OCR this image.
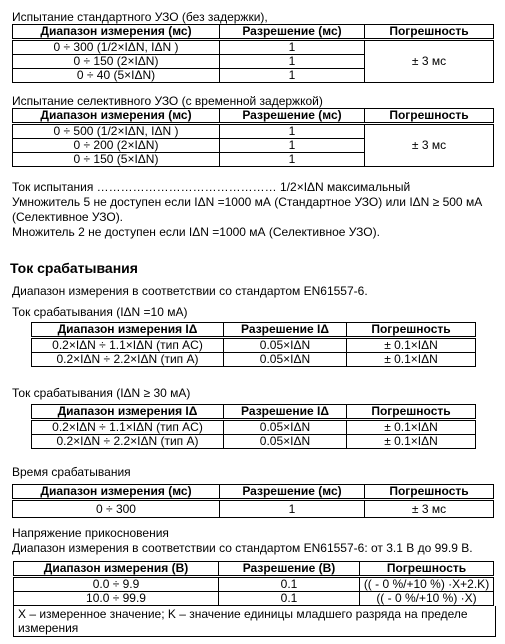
Испытание стандартного УЗО (без задержки),
Диапазон измерения (мс)	Разрешение (мс)	Погрешность
0 ÷ 300 (1/2×IΔN, IΔN )	1	± 3 мс
0 ÷ 150 (2×IΔN)	1	
0 ÷ 40 (5×IΔN)	1	
Испытание селективного УЗО (с временной задержкой)
Диапазон измерения (мс)	Разрешение (мс)	Погрешность
0 ÷ 500 (1/2×IΔN, IΔN )	1	± 3 мс
0 ÷ 200 (2×IΔN)	1	
0 ÷ 150 (5×IΔN)	1	
Ток испытания ……………………………………… 1/2×IΔN максимальный
Умножитель 5 не доступен если IΔN =1000 мА (Стандартное УЗО) или IΔN ≥ 500 мА
(Селективное УЗО).
Множитель 2 не доступен если IΔN =1000 мА (Селективное УЗО).
Ток срабатывания
Диапазон измерения в соответствии со стандартом EN61557-6.
Ток срабатывания (IΔN =10 мА)
Диапазон измерения IΔ	Разрешение IΔ	Погрешность
0.2×IΔN ÷ 1.1×IΔN (тип AC)	0.05×IΔN	± 0.1×IΔN
0.2×IΔN ÷ 2.2×IΔN (тип A)	0.05×IΔN	± 0.1×IΔN
Ток срабатывания (IΔN ≥ 30 мА)
Диапазон измерения IΔ	Разрешение IΔ	Погрешность
0.2×IΔN ÷ 1.1×IΔN (тип AC)	0.05×IΔN	± 0.1×IΔN
0.2×IΔN ÷ 2.2×IΔN (тип A)	0.05×IΔN	± 0.1×IΔN
Время срабатывания
Диапазон измерения (мс)	Разрешение (мс)	Погрешность
0 ÷ 300	1	± 3 мс
Напряжение прикосновения
Диапазон измерения в соответствии со стандартом EN61557-6: от 3.1 В до 99.9 В.
Диапазон измерения (В)	Разрешение (В)	Погрешность
0.0 ÷ 9.9	0.1	(( - 0 %/+10 %) ·X+2.K)
10.0 ÷ 99.9	0.1	(( - 0 %/+10 %) ·X)
X – измеренное значение; K – значение единицы младшего разряда на пределе измерения
